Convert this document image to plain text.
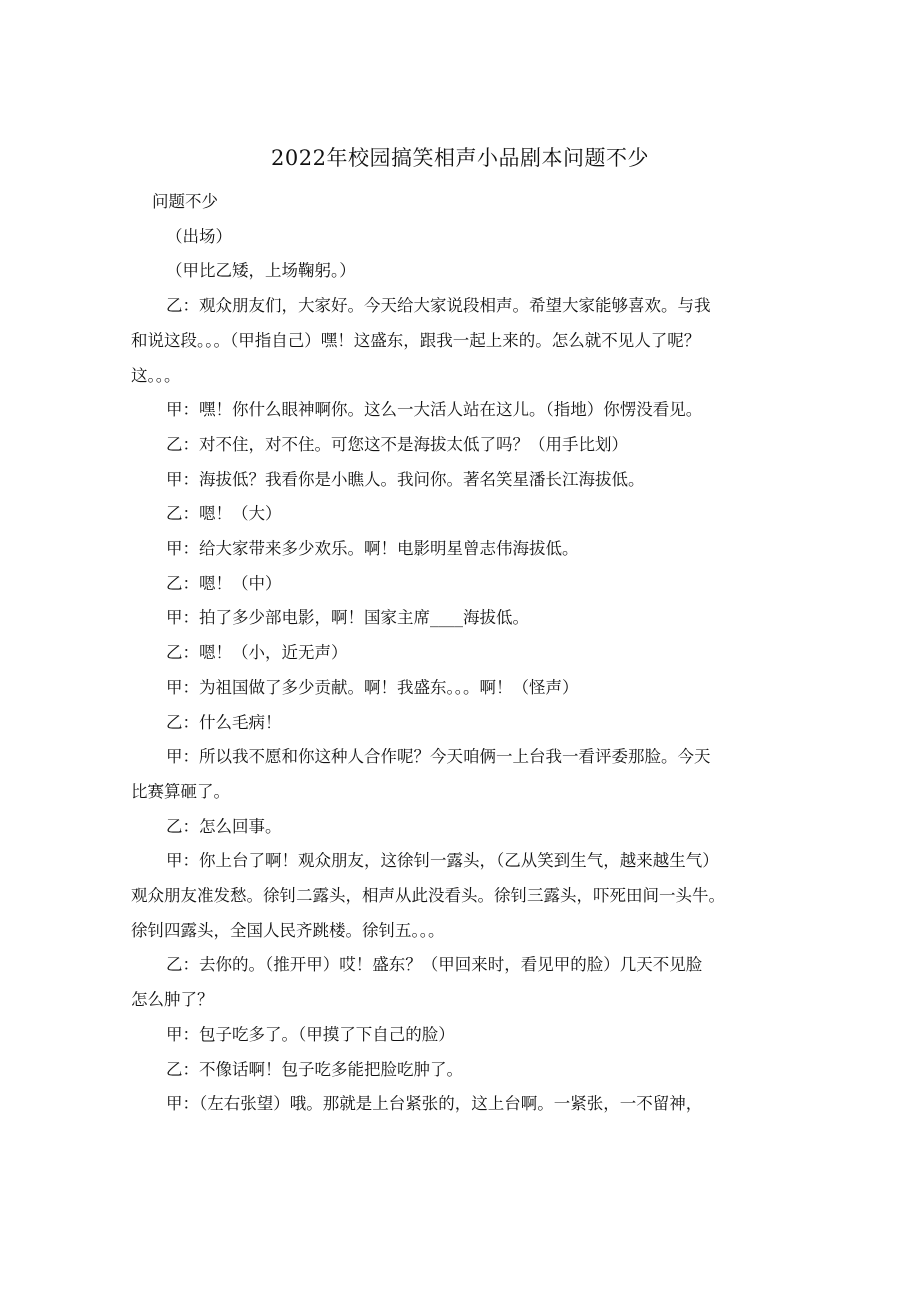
2022年校园搞笑相声小品剧本问题不少

问题不少

（出场）

（甲比乙矮，上场鞠躬。）

乙：观众朋友们，大家好。今天给大家说段相声。希望大家能够喜欢。与我
和说这段。。。（甲指自己）嘿！这盛东，跟我一起上来的。怎么就不见人了呢？
这。。。

甲：嘿！你什么眼神啊你。这么一大活人站在这儿。（指地）你愣没看见。

乙：对不住，对不住。可您这不是海拔太低了吗？（用手比划）

甲：海拔低？我看你是小瞧人。我问你。著名笑星潘长江海拔低。

乙：嗯！（大）

甲：给大家带来多少欢乐。啊！电影明星曾志伟海拔低。

乙：嗯！（中）

甲：拍了多少部电影，啊！国家主席____海拔低。

乙：嗯！（小，近无声）

甲：为祖国做了多少贡献。啊！我盛东。。。啊！（怪声）

乙：什么毛病！

甲：所以我不愿和你这种人合作呢？今天咱俩一上台我一看评委那脸。今天
比赛算砸了。

乙：怎么回事。

甲：你上台了啊！观众朋友，这徐钊一露头，（乙从笑到生气，越来越生气）
观众朋友准发愁。徐钊二露头，相声从此没看头。徐钊三露头，吓死田间一头牛。
徐钊四露头，全国人民齐跳楼。徐钊五。。。

乙：去你的。（推开甲）哎！盛东？（甲回来时，看见甲的脸）几天不见脸
怎么肿了？

甲：包子吃多了。（甲摸了下自己的脸）

乙：不像话啊！包子吃多能把脸吃肿了。

甲：（左右张望）哦。那就是上台紧张的，这上台啊。一紧张，一不留神，
